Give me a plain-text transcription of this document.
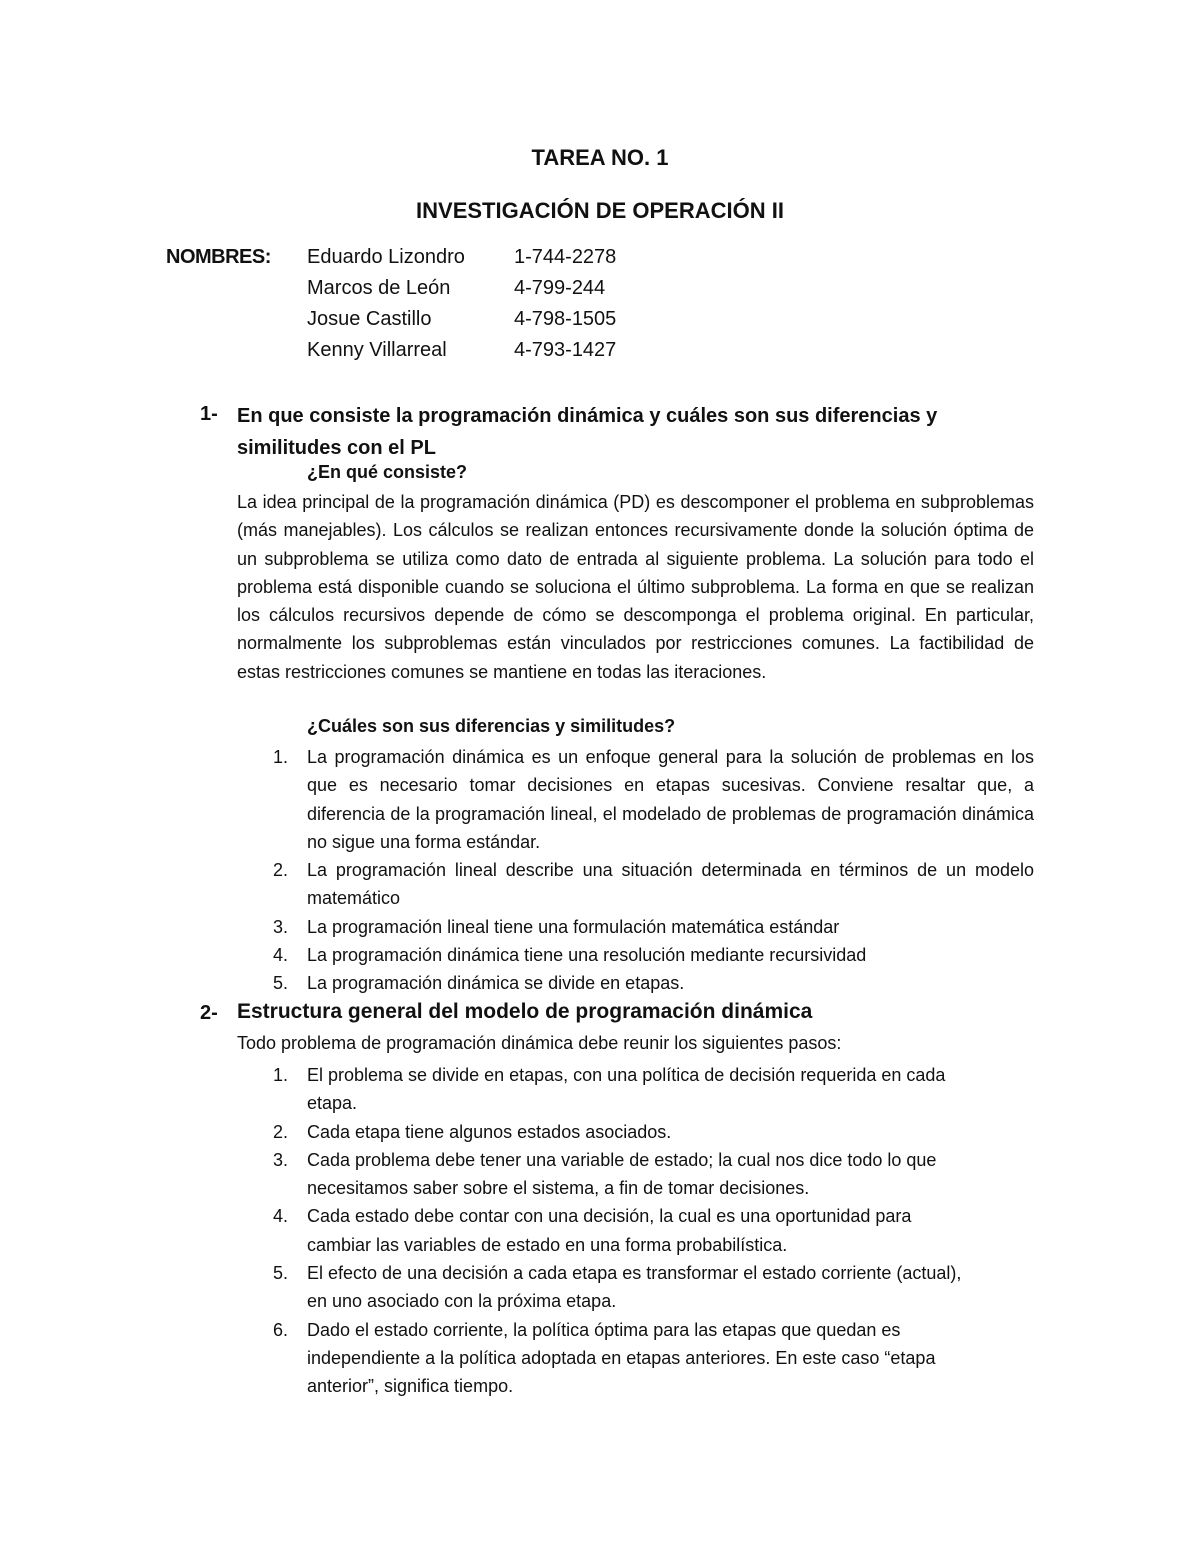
TAREA NO. 1
INVESTIGACIÓN DE OPERACIÓN II
NOMBRES: Eduardo Lizondro 1-744-2278
Marcos de León	4-799-244
Josue Castillo	4-798-1505
Kenny Villarreal	4-793-1427
1- En que consiste la programación dinámica y cuáles son sus diferencias y similitudes con el PL
¿En qué consiste?
La idea principal de la programación dinámica (PD) es descomponer el problema en subproblemas (más manejables). Los cálculos se realizan entonces recursivamente donde la solución óptima de un subproblema se utiliza como dato de entrada al siguiente problema. La solución para todo el problema está disponible cuando se soluciona el último subproblema. La forma en que se realizan los cálculos recursivos depende de cómo se descomponga el problema original. En particular, normalmente los subproblemas están vinculados por restricciones comunes. La factibilidad de estas restricciones comunes se mantiene en todas las iteraciones.
¿Cuáles son sus diferencias y similitudes?
1. La programación dinámica es un enfoque general para la solución de problemas en los que es necesario tomar decisiones en etapas sucesivas. Conviene resaltar que, a diferencia de la programación lineal, el modelado de problemas de programación dinámica no sigue una forma estándar.
2. La programación lineal describe una situación determinada en términos de un modelo matemático
3. La programación lineal tiene una formulación matemática estándar
4. La programación dinámica tiene una resolución mediante recursividad
5. La programación dinámica se divide en etapas.
2- Estructura general del modelo de programación dinámica
Todo problema de programación dinámica debe reunir los siguientes pasos:
1. El problema se divide en etapas, con una política de decisión requerida en cada etapa.
2. Cada etapa tiene algunos estados asociados.
3. Cada problema debe tener una variable de estado; la cual nos dice todo lo que necesitamos saber sobre el sistema, a fin de tomar decisiones.
4. Cada estado debe contar con una decisión, la cual es una oportunidad para cambiar las variables de estado en una forma probabilística.
5. El efecto de una decisión a cada etapa es transformar el estado corriente (actual), en uno asociado con la próxima etapa.
6. Dado el estado corriente, la política óptima para las etapas que quedan es independiente a la política adoptada en etapas anteriores. En este caso “etapa anterior”, significa tiempo.
